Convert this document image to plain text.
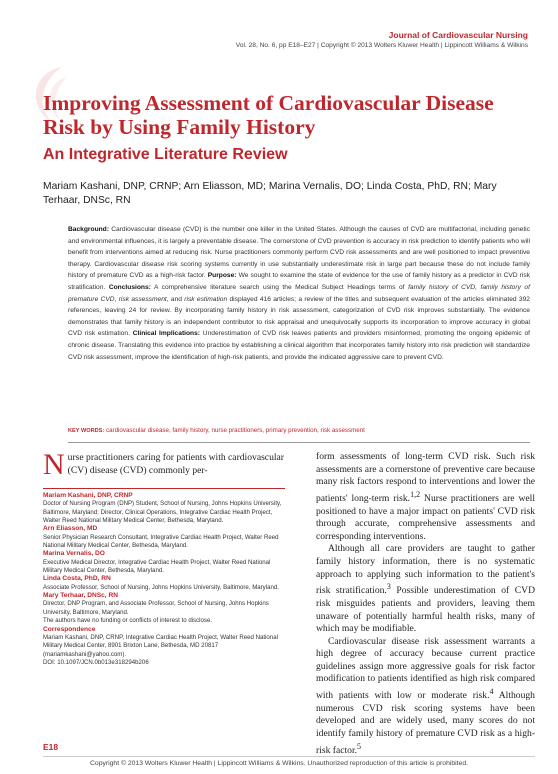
Journal of Cardiovascular Nursing
Vol. 28, No. 6, pp E18–E27 | Copyright © 2013 Wolters Kluwer Health | Lippincott Williams & Wilkins
Improving Assessment of Cardiovascular Disease Risk by Using Family History
An Integrative Literature Review
Mariam Kashani, DNP, CRNP; Arn Eliasson, MD; Marina Vernalis, DO; Linda Costa, PhD, RN; Mary Terhaar, DNSc, RN
Background: Cardiovascular disease (CVD) is the number one killer in the United States. Although the causes of CVD are multifactorial, including genetic and environmental influences, it is largely a preventable disease. The cornerstone of CVD prevention is accuracy in risk prediction to identify patients who will benefit from interventions aimed at reducing risk. Nurse practitioners commonly perform CVD risk assessments and are well positioned to impact preventive therapy. Cardiovascular disease risk scoring systems currently in use substantially underestimate risk in large part because these do not include family history of premature CVD as a high-risk factor. Purpose: We sought to examine the state of evidence for the use of family history as a predictor in CVD risk stratification. Conclusions: A comprehensive literature search using the Medical Subject Headings terms of family history of CVD, family history of premature CVD, risk assessment, and risk estimation displayed 416 articles; a review of the titles and subsequent evaluation of the articles eliminated 392 references, leaving 24 for review. By incorporating family history in risk assessment, categorization of CVD risk improves substantially. The evidence demonstrates that family history is an independent contributor to risk appraisal and unequivocally supports its incorporation to improve accuracy in global CVD risk estimation. Clinical Implications: Underestimation of CVD risk leaves patients and providers misinformed, promoting the ongoing epidemic of chronic disease. Translating this evidence into practice by establishing a clinical algorithm that incorporates family history into risk prediction will standardize CVD risk assessment, improve the identification of high-risk patients, and provide the indicated aggressive care to prevent CVD.
KEY WORDS: cardiovascular disease, family history, nurse practitioners, primary prevention, risk assessment
Nurse practitioners caring for patients with cardiovascular (CV) disease (CVD) commonly per-
Mariam Kashani, DNP, CRNP
Doctor of Nursing Program (DNP) Student, School of Nursing, Johns Hopkins University, Baltimore, Maryland; Director, Clinical Operations, Integrative Cardiac Health Project, Walter Reed National Military Medical Center, Bethesda, Maryland.
Arn Eliasson, MD
Senior Physician Research Consultant, Integrative Cardiac Health Project, Walter Reed National Military Medical Center, Bethesda, Maryland.
Marina Vernalis, DO
Executive Medical Director, Integrative Cardiac Health Project, Walter Reed National Military Medical Center, Bethesda, Maryland.
Linda Costa, PhD, RN
Associate Professor, School of Nursing, Johns Hopkins University, Baltimore, Maryland.
Mary Terhaar, DNSc, RN
Director, DNP Program, and Associate Professor, School of Nursing, Johns Hopkins University, Baltimore, Maryland.
The authors have no funding or conflicts of interest to disclose.
Correspondence
Mariam Kashani, DNP, CRNP, Integrative Cardiac Health Project, Walter Reed National Military Medical Center, 8901 Brixton Lane, Bethesda, MD 20817 (mariamkashani@yahoo.com).
DOI: 10.1097/JCN.0b013e318294b206

form assessments of long-term CVD risk. Such risk assessments are a cornerstone of preventive care because many risk factors respond to interventions and lower the patients' long-term risk.$^{1,2}$ Nurse practitioners are well positioned to have a major impact on patients' CVD risk through accurate, comprehensive assessments and corresponding interventions.

Although all care providers are taught to gather family history information, there is no systematic approach to applying such information to the patient's risk stratification.$^3$ Possible underestimation of CVD risk misguides patients and providers, leaving them unaware of potentially harmful health risks, many of which may be modifiable.

Cardiovascular disease risk assessment warrants a high degree of accuracy because current practice guidelines assign more aggressive goals for risk factor modification to patients identified as high risk compared with patients with low or moderate risk.$^4$ Although numerous CVD risk scoring systems have been developed and are widely used, many scores do not identify family history of premature CVD risk as a high-risk factor.$^5$

E18
Copyright © 2013 Wolters Kluwer Health | Lippincott Williams & Wilkins. Unauthorized reproduction of this article is prohibited.
